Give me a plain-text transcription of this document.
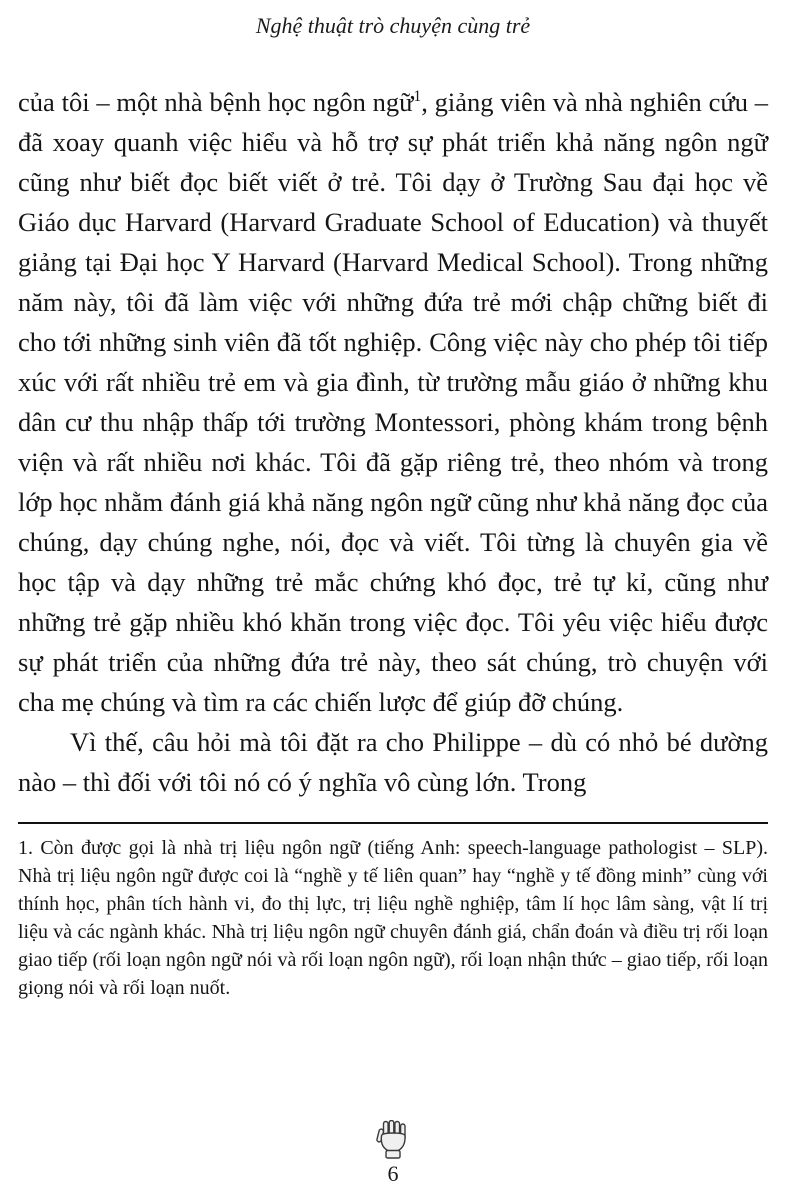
Nghệ thuật trò chuyện cùng trẻ

của tôi – một nhà bệnh học ngôn ngữ$^1$, giảng viên và nhà nghiên cứu – đã xoay quanh việc hiểu và hỗ trợ sự phát triển khả năng ngôn ngữ cũng như biết đọc biết viết ở trẻ. Tôi dạy ở Trường Sau đại học về Giáo dục Harvard (Harvard Graduate School of Education) và thuyết giảng tại Đại học Y Harvard (Harvard Medical School). Trong những năm này, tôi đã làm việc với những đứa trẻ mới chập chững biết đi cho tới những sinh viên đã tốt nghiệp. Công việc này cho phép tôi tiếp xúc với rất nhiều trẻ em và gia đình, từ trường mẫu giáo ở những khu dân cư thu nhập thấp tới trường Montessori, phòng khám trong bệnh viện và rất nhiều nơi khác. Tôi đã gặp riêng trẻ, theo nhóm và trong lớp học nhằm đánh giá khả năng ngôn ngữ cũng như khả năng đọc của chúng, dạy chúng nghe, nói, đọc và viết. Tôi từng là chuyên gia về học tập và dạy những trẻ mắc chứng khó đọc, trẻ tự kỉ, cũng như những trẻ gặp nhiều khó khăn trong việc đọc. Tôi yêu việc hiểu được sự phát triển của những đứa trẻ này, theo sát chúng, trò chuyện với cha mẹ chúng và tìm ra các chiến lược để giúp đỡ chúng.

Vì thế, câu hỏi mà tôi đặt ra cho Philippe – dù có nhỏ bé dường nào – thì đối với tôi nó có ý nghĩa vô cùng lớn. Trong

1. Còn được gọi là nhà trị liệu ngôn ngữ (tiếng Anh: speech-language pathologist – SLP). Nhà trị liệu ngôn ngữ được coi là “nghề y tế liên quan” hay “nghề y tế đồng minh” cùng với thính học, phân tích hành vi, đo thị lực, trị liệu nghề nghiệp, tâm lí học lâm sàng, vật lí trị liệu và các ngành khác. Nhà trị liệu ngôn ngữ chuyên đánh giá, chẩn đoán và điều trị rối loạn giao tiếp (rối loạn ngôn ngữ nói và rối loạn ngôn ngữ), rối loạn nhận thức – giao tiếp, rối loạn giọng nói và rối loạn nuốt.

6
